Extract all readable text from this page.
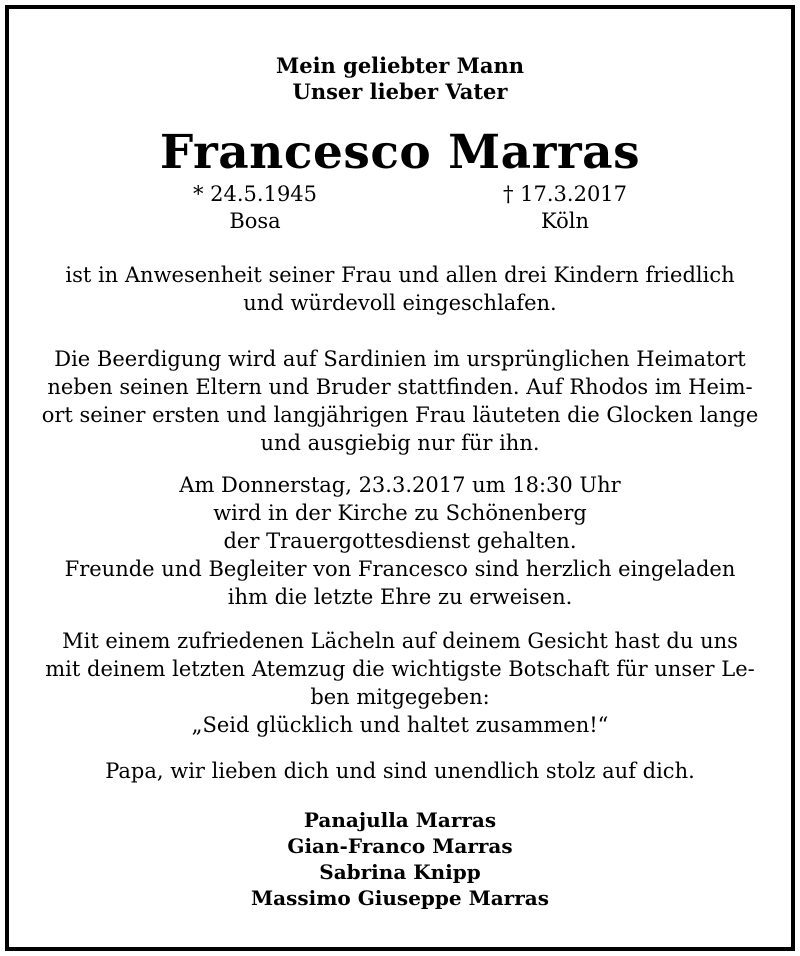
Mein geliebter Mann
Unser lieber Vater
Francesco Marras
* 24.5.1945
Bosa
† 17.3.2017
Köln
ist in Anwesenheit seiner Frau und allen drei Kindern friedlich
und würdevoll eingeschlafen.
Die Beerdigung wird auf Sardinien im ursprünglichen Heimatort
neben seinen Eltern und Bruder stattfinden. Auf Rhodos im Heim-
ort seiner ersten und langjährigen Frau läuteten die Glocken lange
und ausgiebig nur für ihn.
Am Donnerstag, 23.3.2017 um 18:30 Uhr
wird in der Kirche zu Schönenberg
der Trauergottesdienst gehalten.
Freunde und Begleiter von Francesco sind herzlich eingeladen
ihm die letzte Ehre zu erweisen.
Mit einem zufriedenen Lächeln auf deinem Gesicht hast du uns
mit deinem letzten Atemzug die wichtigste Botschaft für unser Le-
ben mitgegeben:
„Seid glücklich und haltet zusammen!“
Papa, wir lieben dich und sind unendlich stolz auf dich.
Panajulla Marras
Gian-Franco Marras
Sabrina Knipp
Massimo Giuseppe Marras
